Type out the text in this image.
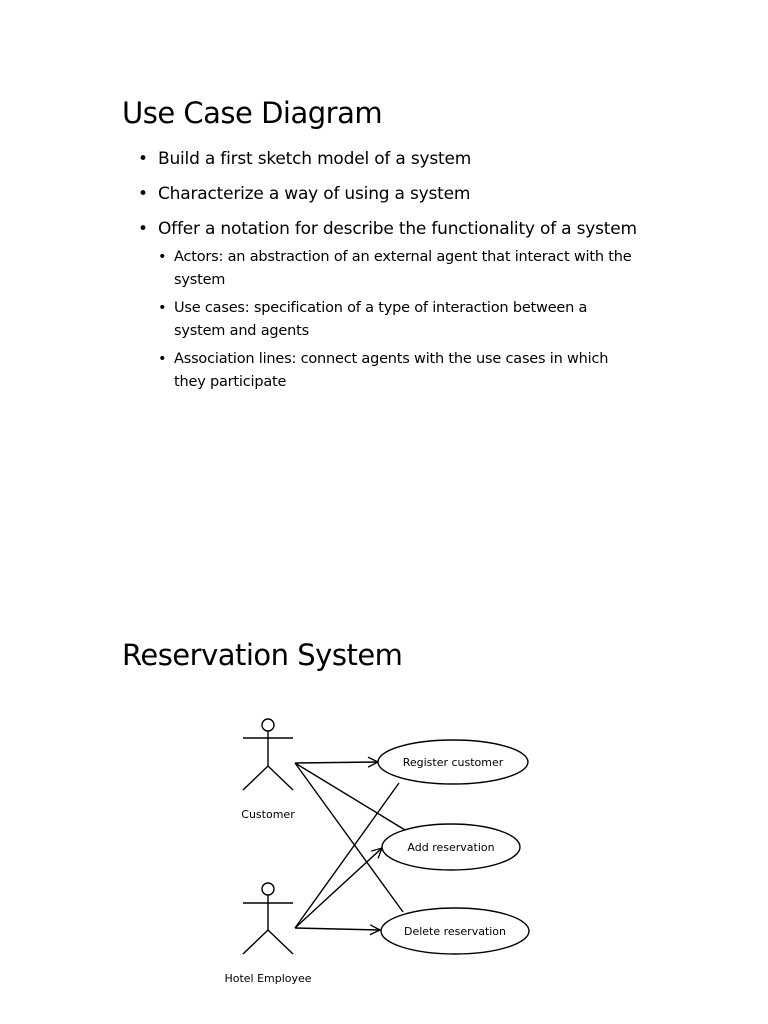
Use Case Diagram
• Build a first sketch model of a system
• Characterize a way of using a system
• Offer a notation for describe the functionality of a system
• Actors: an abstraction of an external agent that interact with the system
• Use cases: specification of a type of interaction between a system and agents
• Association lines: connect agents with the use cases in which they participate
Reservation System
Customer
Hotel Employee
Register customer
Add reservation
Delete reservation
